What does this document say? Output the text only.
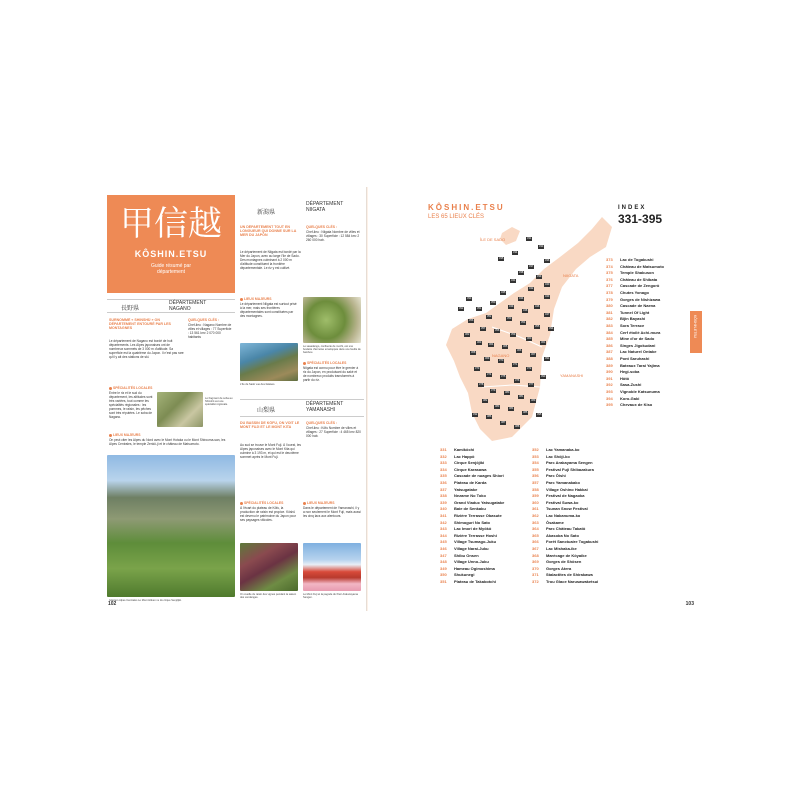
甲信越
KÔSHIN.ETSU
Guide résumé par département
長野県
DÉPARTEMENT NAGANO
SURNOMMÉ « SHINSHÛ » ON DÉPARTEMENT ENTOURÉ PAR LES MONTAGNES
QUELQUES CLÉS :
Chef-lieu : Nagano Nombre de villes et villages : 77 Superficie : 13 561 km² 2 070 000 habitants
Le département de Nagano est bordé de huit départements. Les Alpes japonaises ont de nombreux sommets de 3 000 m d'altitude. Sa superficie est la quatrième du Japon. Il n'est pas rare qu'il y ait des stations de ski.
SPÉCIALITÉS LOCALES
Entre le riz et le sud du département, les altitudes sont très variées, tout comme les spécialités régionales : les pommes, le raisin, les pêches sont très réputées. Le soba de Nagano.
Le fragment de soba au Shinshû est une spécialité régionale.
LIEUX MAJEURS
On peut citer les Alpes du Nord avec le Mont Hotaka ou le Mont Shirouma-san, les Alpes Centrales, le temple Zenkô-ji et le château de Matsumoto.
Glaciers Alpes Centrales Le Mont Hôken vu du cirque Senjôjiki.
新潟県
DÉPARTEMENT NIIGATA
UN DÉPARTEMENT TOUT EN LONGUEUR QUI DONNE SUR LA MER DU JAPON
QUELQUES CLÉS :
Chef-lieu : Niigata Nombre de villes et villages : 30 Superficie : 12 584 km² 2 260 000 hab.
Le département de Niigata est bordé par la Mer du Japon, avec au large l'île de Sado. Des montagnes culminant à 2 000 m d'altitude constituent la frontière départementale. Le riz y est cultivé.
LIEUX MAJEURS
Le département Niigata est surtout prisé à la mer, mais ses frontières départementales sont constituées par des montagnes.
L'île de Sado vue des falaises.
Le sasadango, confiserie de mochi, est une boulette d'armoise enveloppée dans une feuille de bambou.
SPÉCIALITÉS LOCALES
Niigata est connu pour être le grenier à riz du Japon, en produisant du saké et de nombreux produits transformés à partir du riz.
山梨県
DÉPARTEMENT YAMANASHI
DU BASSIN DE KÔFU, ON VOIT LE MONT FUJI ET LE MONT KITA
QUELQUES CLÉS :
Chef-lieu : Kôfu Nombre de villes et villages : 27 Superficie : 4 465 km² 820 000 hab.
Au sud se trouve le Mont Fuji. À l'ouest, les Alpes japonaises avec le Mont Kita qui culmine à 3 193 m, et qui est le deuxième sommet après le Mont Fuji.
SPÉCIALITÉS LOCALES
À l'écart du plateau de Kôfu, la production de raisin est propice. Kôshû est devenu le patrimoine du Japon pour ses paysages viticoles.
On cueille du raisin des vignes pendant la saison des vendanges.
LIEUX MAJEURS
Dans le département de Yamanashi, il y a non seulement le Mont Fuji, mais aussi les cinq lacs aux alentours.
Le Mont Fuji et la pagode du Parc Arakurayama Sengen.
102
KÔSHIN.ETSU
LES 65 LIEUX CLÉS
INDEX
331-395
ÎLE DE SADO
NIIGATA
NAGANO
YAMANASHI
331
333
334
335
336
337
338
339
340
341
342
343
344
345
346
347
348
349
350
351
352
353
354
355
356
357
358
359
360
361
362
363
364
365
366
367
368
369
370
371
372
373
374
375
376
377
378
379
380
381
382
383
384
385
386
387
388
389
390
391
392
393
394
395
332
KÔSHIN.ETSU
331	Kamikôchi
332	Lac Happô
333	Cirque Senjôjiki
334	Cirque Karasawa
335	Cascade de nuages Shiori
336	Plateau de Karda
337	Yatsugatake
338	Nezame No Toko
339	Grand Viaduc Yatsugatake
340	Baie de Senkaku
341	Rizière Terrasse Obasute
342	Shimoguri No Sato
343	Lac Imori de Myôkô
344	Rizière Terrasse Hoshi
345	Village Tsumago-Juku
346	Village Narai-Juku
347	Shibu Onsen
348	Village Unno-Juku
349	Hameau Ogimoshima
350	Shukunegi
351	Plateau de Takabotchi
352	Lac Yamanaka-ko
353	Lac Shôji-ko
354	Parc Arakayama Sengen
355	Festival Fuji Shibazakura
356	Parc Ôishi
357	Parc Yamanakako
358	Village Oshino Hakkai
359	Festival de Nagaoka
360	Festival Suwa-ko
361	Tsunan Snow Festival
362	Lac Nakanuma-ko
363	Ôsakame
364	Parc Château Takatô
365	Akasoba No Sato
366	Forêt Sanctuaire Togakushi
367	Lac Mishaka-ike
368	Marécage de Kôyaike
369	Gorges de Shôsen
370	Gorges Atera
371	Stalactites de Shirakawa
372	Trou Glace Narusawaketsui
373	Lac de Togakushi
374	Château de Matsumoto
375	Temple Shakuson
376	Château de Shibata
377	Cascade de Zengorô
378	Chutes Yonago
379	Gorges de Nishizawa
380	Cascade de Naena
381	Tunnel Of Light
382	Bijin Bayashi
383	Sora Terrace
384	Cerf étoilé Achi-mura
385	Mine d'or de Sado
386	Singes Jigokudani
387	Lac Naturel Ontake
388	Pont Saruhashi
389	Bateaux Tarai Yajima
390	Hegi-soba
391	Hôtô
392	Sasa-Zushi
393	Vignoble Katsunuma
394	Koro-Gaki
395	Chevaux de Kiso
103
